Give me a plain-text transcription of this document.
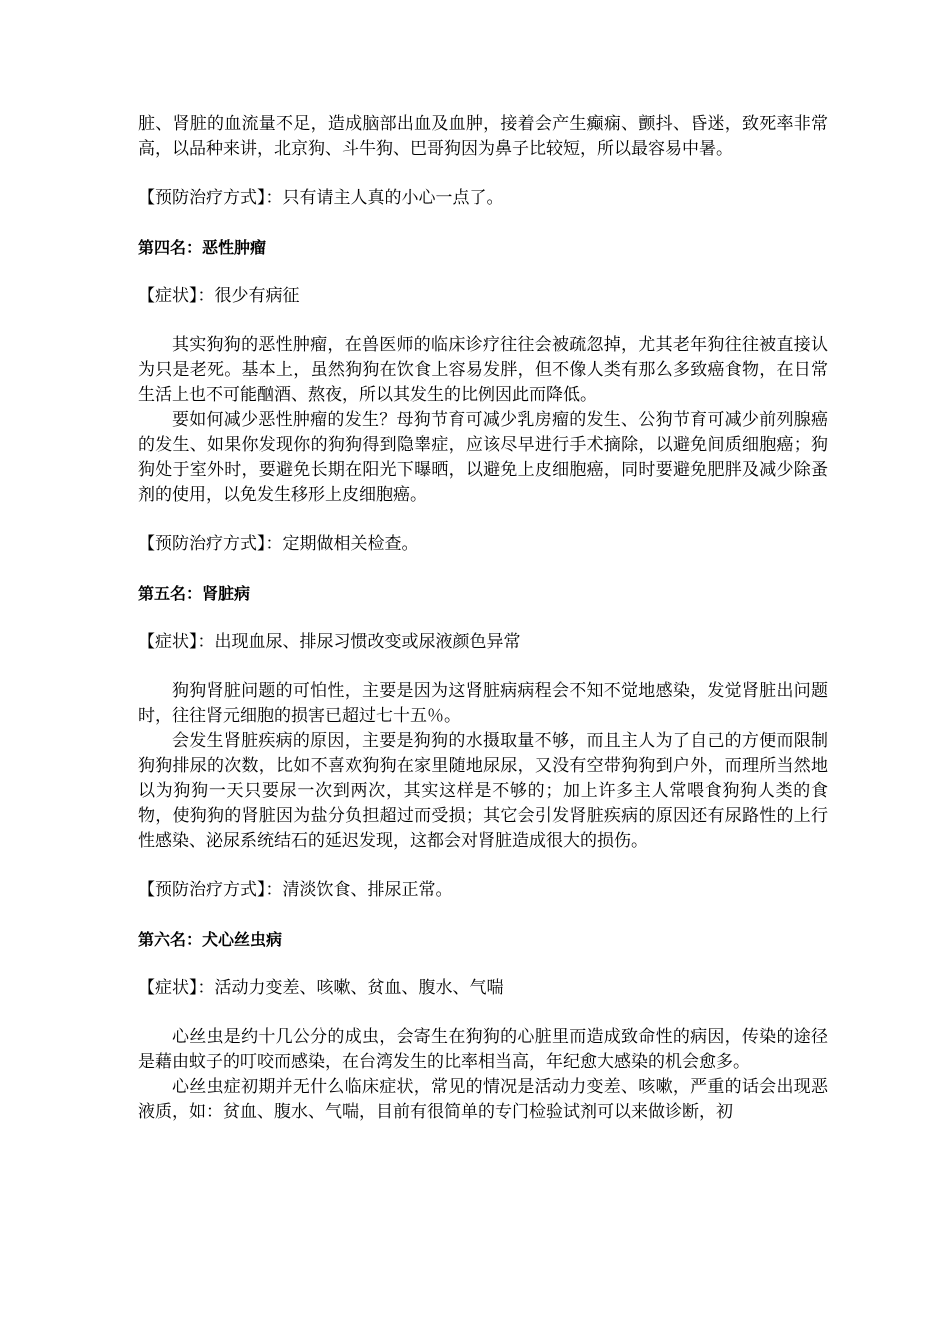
脏、肾脏的血流量不足，造成脑部出血及血肿，接着会产生癫痫、颤抖、昏迷，致死率非常高，以品种来讲，北京狗、斗牛狗、巴哥狗因为鼻子比较短，所以最容易中暑。

【预防治疗方式】：只有请主人真的小心一点了。

第四名：恶性肿瘤

【症状】：很少有病征

其实狗狗的恶性肿瘤，在兽医师的临床诊疗往往会被疏忽掉，尤其老年狗往往被直接认为只是老死。基本上，虽然狗狗在饮食上容易发胖，但不像人类有那么多致癌食物，在日常生活上也不可能酗酒、熬夜，所以其发生的比例因此而降低。

要如何减少恶性肿瘤的发生？母狗节育可减少乳房瘤的发生、公狗节育可减少前列腺癌的发生、如果你发现你的狗狗得到隐睾症，应该尽早进行手术摘除，以避免间质细胞癌；狗狗处于室外时，要避免长期在阳光下曝晒，以避免上皮细胞癌，同时要避免肥胖及减少除蚤剂的使用，以免发生移形上皮细胞癌。

【预防治疗方式】：定期做相关检查。

第五名：肾脏病

【症状】：出现血尿、排尿习惯改变或尿液颜色异常

狗狗肾脏问题的可怕性，主要是因为这肾脏病病程会不知不觉地感染，发觉肾脏出问题时，往往肾元细胞的损害已超过七十五％。

会发生肾脏疾病的原因，主要是狗狗的水摄取量不够，而且主人为了自己的方便而限制狗狗排尿的次数，比如不喜欢狗狗在家里随地尿尿，又没有空带狗狗到户外，而理所当然地以为狗狗一天只要尿一次到两次，其实这样是不够的；加上许多主人常喂食狗狗人类的食物，使狗狗的肾脏因为盐分负担超过而受损；其它会引发肾脏疾病的原因还有尿路性的上行性感染、泌尿系统结石的延迟发现，这都会对肾脏造成很大的损伤。

【预防治疗方式】：清淡饮食、排尿正常。

第六名：犬心丝虫病

【症状】：活动力变差、咳嗽、贫血、腹水、气喘

心丝虫是约十几公分的成虫，会寄生在狗狗的心脏里而造成致命性的病因，传染的途径是藉由蚊子的叮咬而感染，在台湾发生的比率相当高，年纪愈大感染的机会愈多。

心丝虫症初期并无什么临床症状，常见的情况是活动力变差、咳嗽，严重的话会出现恶液质，如：贫血、腹水、气喘，目前有很简单的专门检验试剂可以来做诊断，初
